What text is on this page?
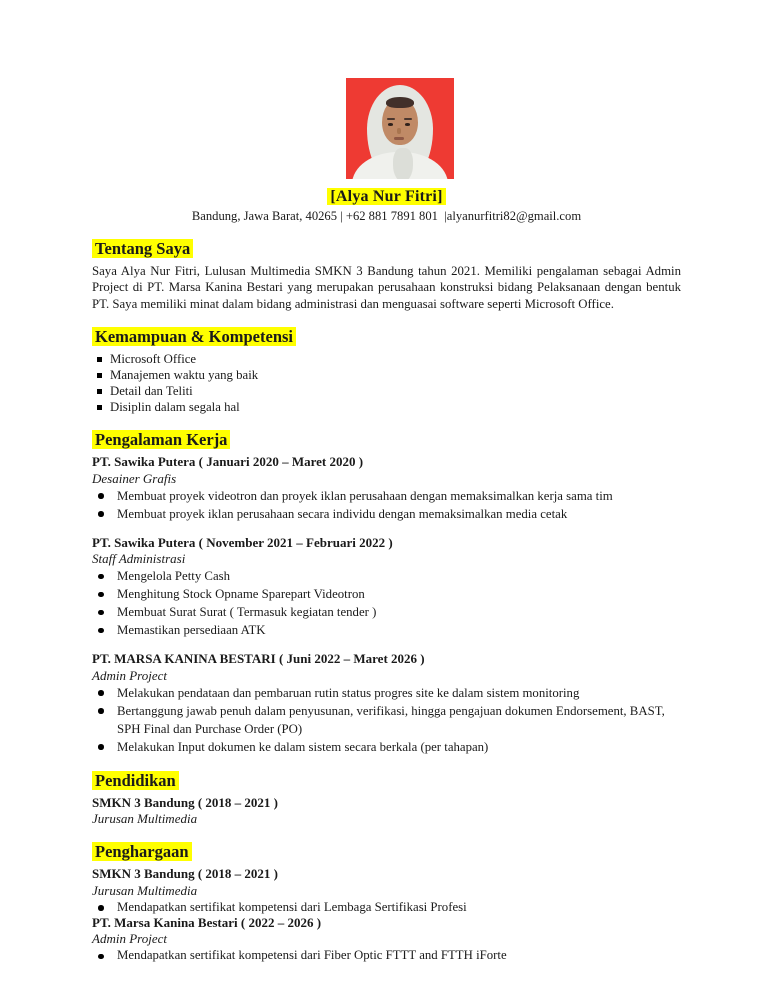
[Alya Nur Fitri]
Bandung, Jawa Barat, 40265 | +62 881 7891 801  |alyanurfitri82@gmail.com
Tentang Saya

Saya Alya Nur Fitri, Lulusan Multimedia SMKN 3 Bandung tahun 2021. Memiliki pengalaman sebagai Admin Project di PT. Marsa Kanina Bestari yang merupakan perusahaan konstruksi bidang Pelaksanaan dengan bentuk PT. Saya memiliki minat dalam bidang administrasi dan menguasai software seperti Microsoft Office.

Kemampuan & Kompetensi
Microsoft Office
Manajemen waktu yang baik
Detail dan Teliti
Disiplin dalam segala hal
Pengalaman Kerja
PT. Sawika Putera ( Januari 2020 – Maret 2020 )
Desainer Grafis
Membuat proyek videotron dan proyek iklan perusahaan dengan memaksimalkan kerja sama tim
Membuat proyek iklan perusahaan secara individu dengan memaksimalkan media cetak
PT. Sawika Putera ( November 2021 – Februari 2022 )
Staff Administrasi
Mengelola Petty Cash
Menghitung Stock Opname Sparepart Videotron
Membuat Surat Surat ( Termasuk kegiatan tender )
Memastikan persediaan ATK
PT. MARSA KANINA BESTARI ( Juni 2022 – Maret 2026 )
Admin Project
Melakukan pendataan dan pembaruan rutin status progres site ke dalam sistem monitoring
Bertanggung jawab penuh dalam penyusunan, verifikasi, hingga pengajuan dokumen Endorsement, BAST, SPH Final dan Purchase Order (PO)
Melakukan Input dokumen ke dalam sistem secara berkala (per tahapan)
Pendidikan
SMKN 3 Bandung ( 2018 – 2021 )
Jurusan Multimedia
Penghargaan
SMKN 3 Bandung ( 2018 – 2021 )
Jurusan Multimedia
Mendapatkan sertifikat kompetensi dari Lembaga Sertifikasi Profesi
PT. Marsa Kanina Bestari ( 2022 – 2026 )
Admin Project
Mendapatkan sertifikat kompetensi dari Fiber Optic FTTT and FTTH iForte
